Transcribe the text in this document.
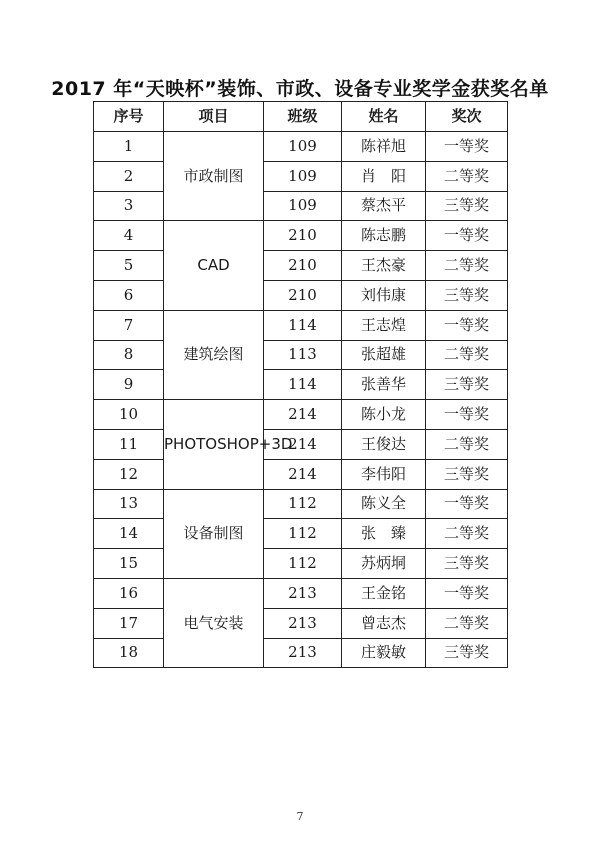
2017 年“天映杯”装饰、市政、设备专业奖学金获奖名单
序号	项目	班级	姓名	奖次
1	市政制图	109	陈祥旭	一等奖
2		109	肖　阳	二等奖
3		109	蔡杰平	三等奖
4	CAD	210	陈志鹏	一等奖
5		210	王杰豪	二等奖
6		210	刘伟康	三等奖
7	建筑绘图	114	王志煌	一等奖
8		113	张超雄	二等奖
9		114	张善华	三等奖
10	PHOTOSHOP+3D	214	陈小龙	一等奖
11		214	王俊达	二等奖
12		214	李伟阳	三等奖
13	设备制图	112	陈义全	一等奖
14		112	张　臻	二等奖
15		112	苏炳垌	三等奖
16	电气安装	213	王金铭	一等奖
17		213	曾志杰	二等奖
18		213	庄毅敏	三等奖
7
